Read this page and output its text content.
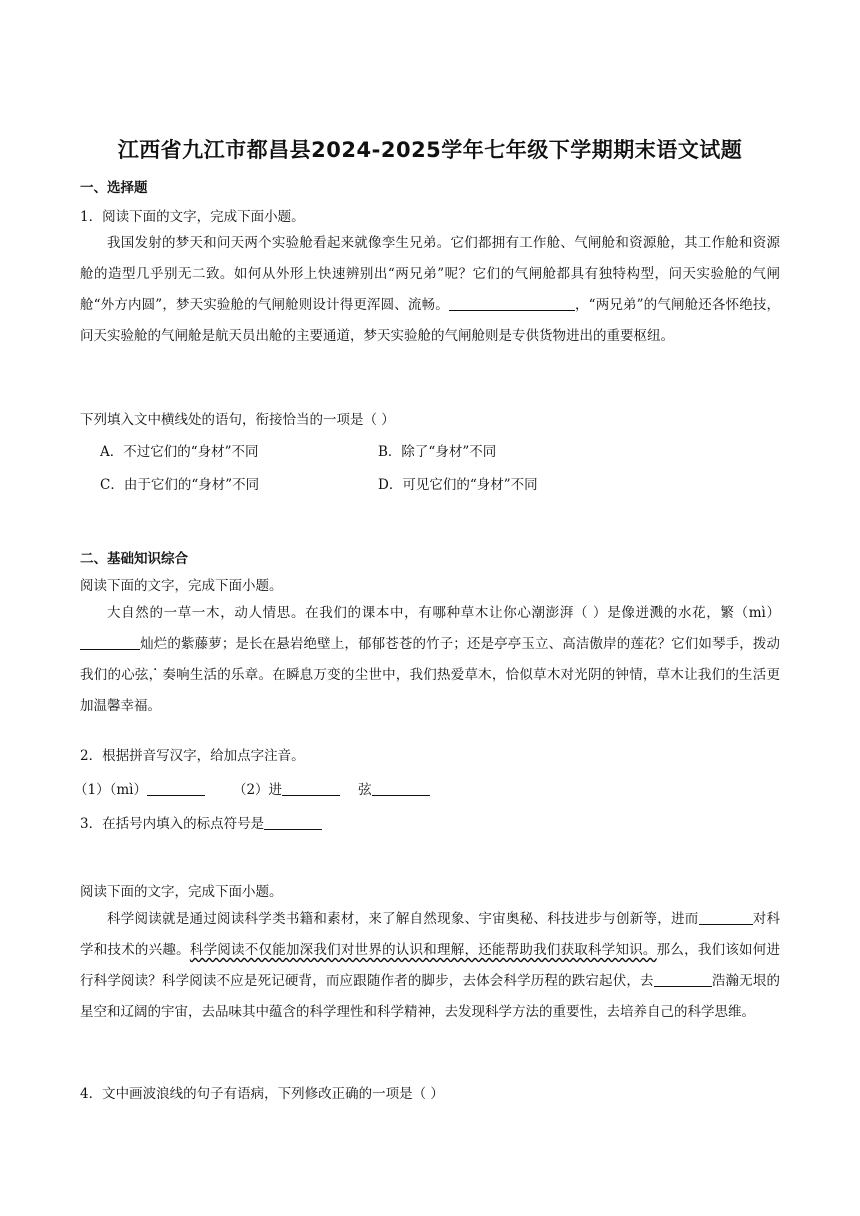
江西省九江市都昌县2024-2025学年七年级下学期期末语文试题
一、选择题
1．阅读下面的文字，完成下面小题。

我国发射的梦天和问天两个实验舱看起来就像孪生兄弟。它们都拥有工作舱、气闸舱和资源舱，其工作舱和资源舱的造型几乎别无二致。如何从外形上快速辨别出“两兄弟”呢？它们的气闸舱都具有独特构型，问天实验舱的气闸舱“外方内圆”，梦天实验舱的气闸舱则设计得更浑圆、流畅。	，“两兄弟”的气闸舱还各怀绝技，问天实验舱的气闸舱是航天员出舱的主要通道，梦天实验舱的气闸舱则是专供货物进出的重要枢纽。

下列填入文中横线处的语句，衔接恰当的一项是（ ）
A．不过它们的“身材”不同	B．除了“身材”不同
C．由于它们的“身材”不同	D．可见它们的“身材”不同
二、基础知识综合
阅读下面的文字，完成下面小题。

大自然的一草一木，动人情思。在我们的课本中，有哪种草木让你心潮澎湃（ ）是像迸溅的水花，繁（mì）灿烂的紫藤萝；是长在悬岩绝壁上，郁郁苍苍的竹子；还是亭亭玉立、高洁傲岸的莲花？它们如琴手，拨动我们的心弦，奏响生活的乐章。在瞬息万变的尘世中，我们热爱草木，恰似草木对光阴的钟情，草木让我们的生活更加温馨幸福。

2．根据拼音写汉字，给加点字注音。
（1）（mì）	（2）进	弦
3．在括号内填入的标点符号是
阅读下面的文字，完成下面小题。

科学阅读就是通过阅读科学类书籍和素材，来了解自然现象、宇宙奥秘、科技进步与创新等，进而	对科学和技术的兴趣。科学阅读不仅能加深我们对世界的认识和理解，还能帮助我们获取科学知识。那么，我们该如何进行科学阅读？科学阅读不应是死记硬背，而应跟随作者的脚步，去体会科学历程的跌宕起伏，去	浩瀚无垠的星空和辽阔的宇宙，去品味其中蕴含的科学理性和科学精神，去发现科学方法的重要性，去培养自己的科学思维。

4．文中画波浪线的句子有语病，下列修改正确的一项是（ ）
